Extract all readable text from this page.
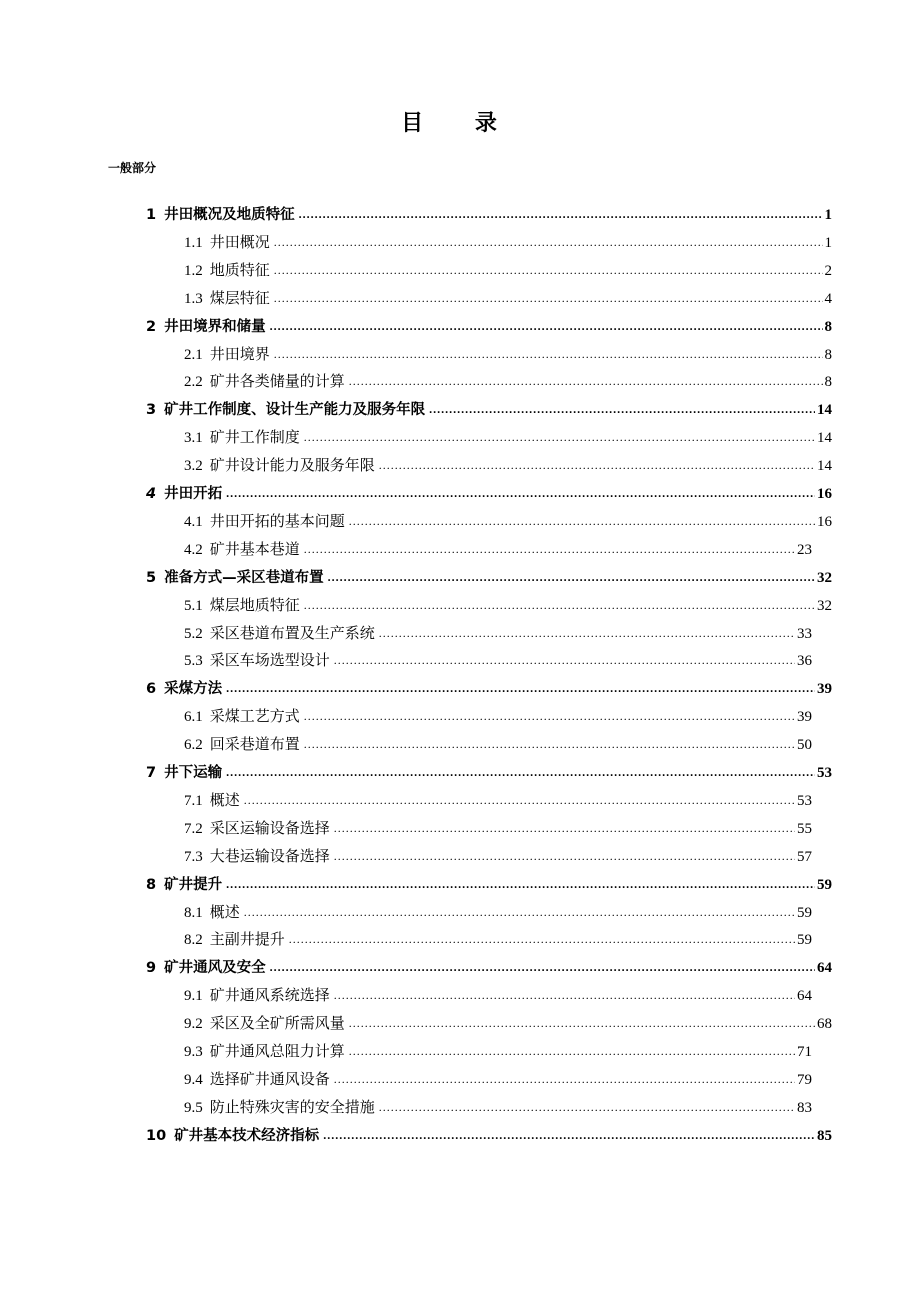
目 录
一般部分
1 井田概况及地质特征 .....	1
1.1 井田概况 .....	1
1.2 地质特征 .....	2
1.3 煤层特征 .....	4
2 井田境界和储量 .....	8
2.1 井田境界 .....	8
2.2 矿井各类储量的计算 .....	8
3 矿井工作制度、设计生产能力及服务年限 .....	14
3.1 矿井工作制度 .....	14
3.2 矿井设计能力及服务年限 .....	14
4 井田开拓 .....	16
4.1 井田开拓的基本问题 .....	16
4.2 矿井基本巷道 .....	23
5 准备方式—采区巷道布置 .....	32
5.1 煤层地质特征 .....	32
5.2 采区巷道布置及生产系统 .....	33
5.3 采区车场选型设计 .....	36
6 采煤方法 .....	39
6.1 采煤工艺方式 .....	39
6.2 回采巷道布置 .....	50
7 井下运输 .....	53
7.1 概述 .....	53
7.2 采区运输设备选择 .....	55
7.3 大巷运输设备选择 .....	57
8 矿井提升 .....	59
8.1 概述 .....	59
8.2 主副井提升 .....	59
9 矿井通风及安全 .....	64
9.1 矿井通风系统选择 .....	64
9.2 采区及全矿所需风量 .....	68
9.3 矿井通风总阻力计算 .....	71
9.4 选择矿井通风设备 .....	79
9.5 防止特殊灾害的安全措施 .....	83
10 矿井基本技术经济指标 .....	85
